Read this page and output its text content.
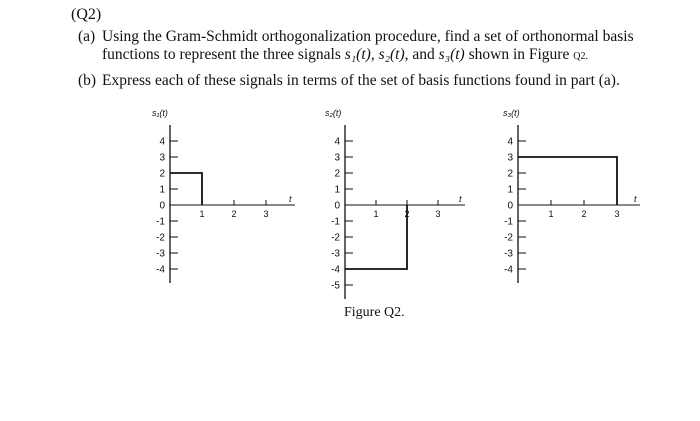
(Q2)
(a) Using the Gram-Schmidt orthogonalization procedure, find a set of orthonormal basis
functions to represent the three signals s₁(t), s₂(t), and s₃(t) shown in Figure Q2.
(b) Express each of these signals in terms of the set of basis functions found in part (a).
s₁(t)
t
4
3
2
1
0
-1
-2
-3
-4
1	2	3
s₂(t)
t
4
3
2
1
0
-1
-2
-3
-4
-5
1	2	3
s₃(t)
t
4
3
2
1
0
-1
-2
-3
-4
1	2	3
Figure Q2.
